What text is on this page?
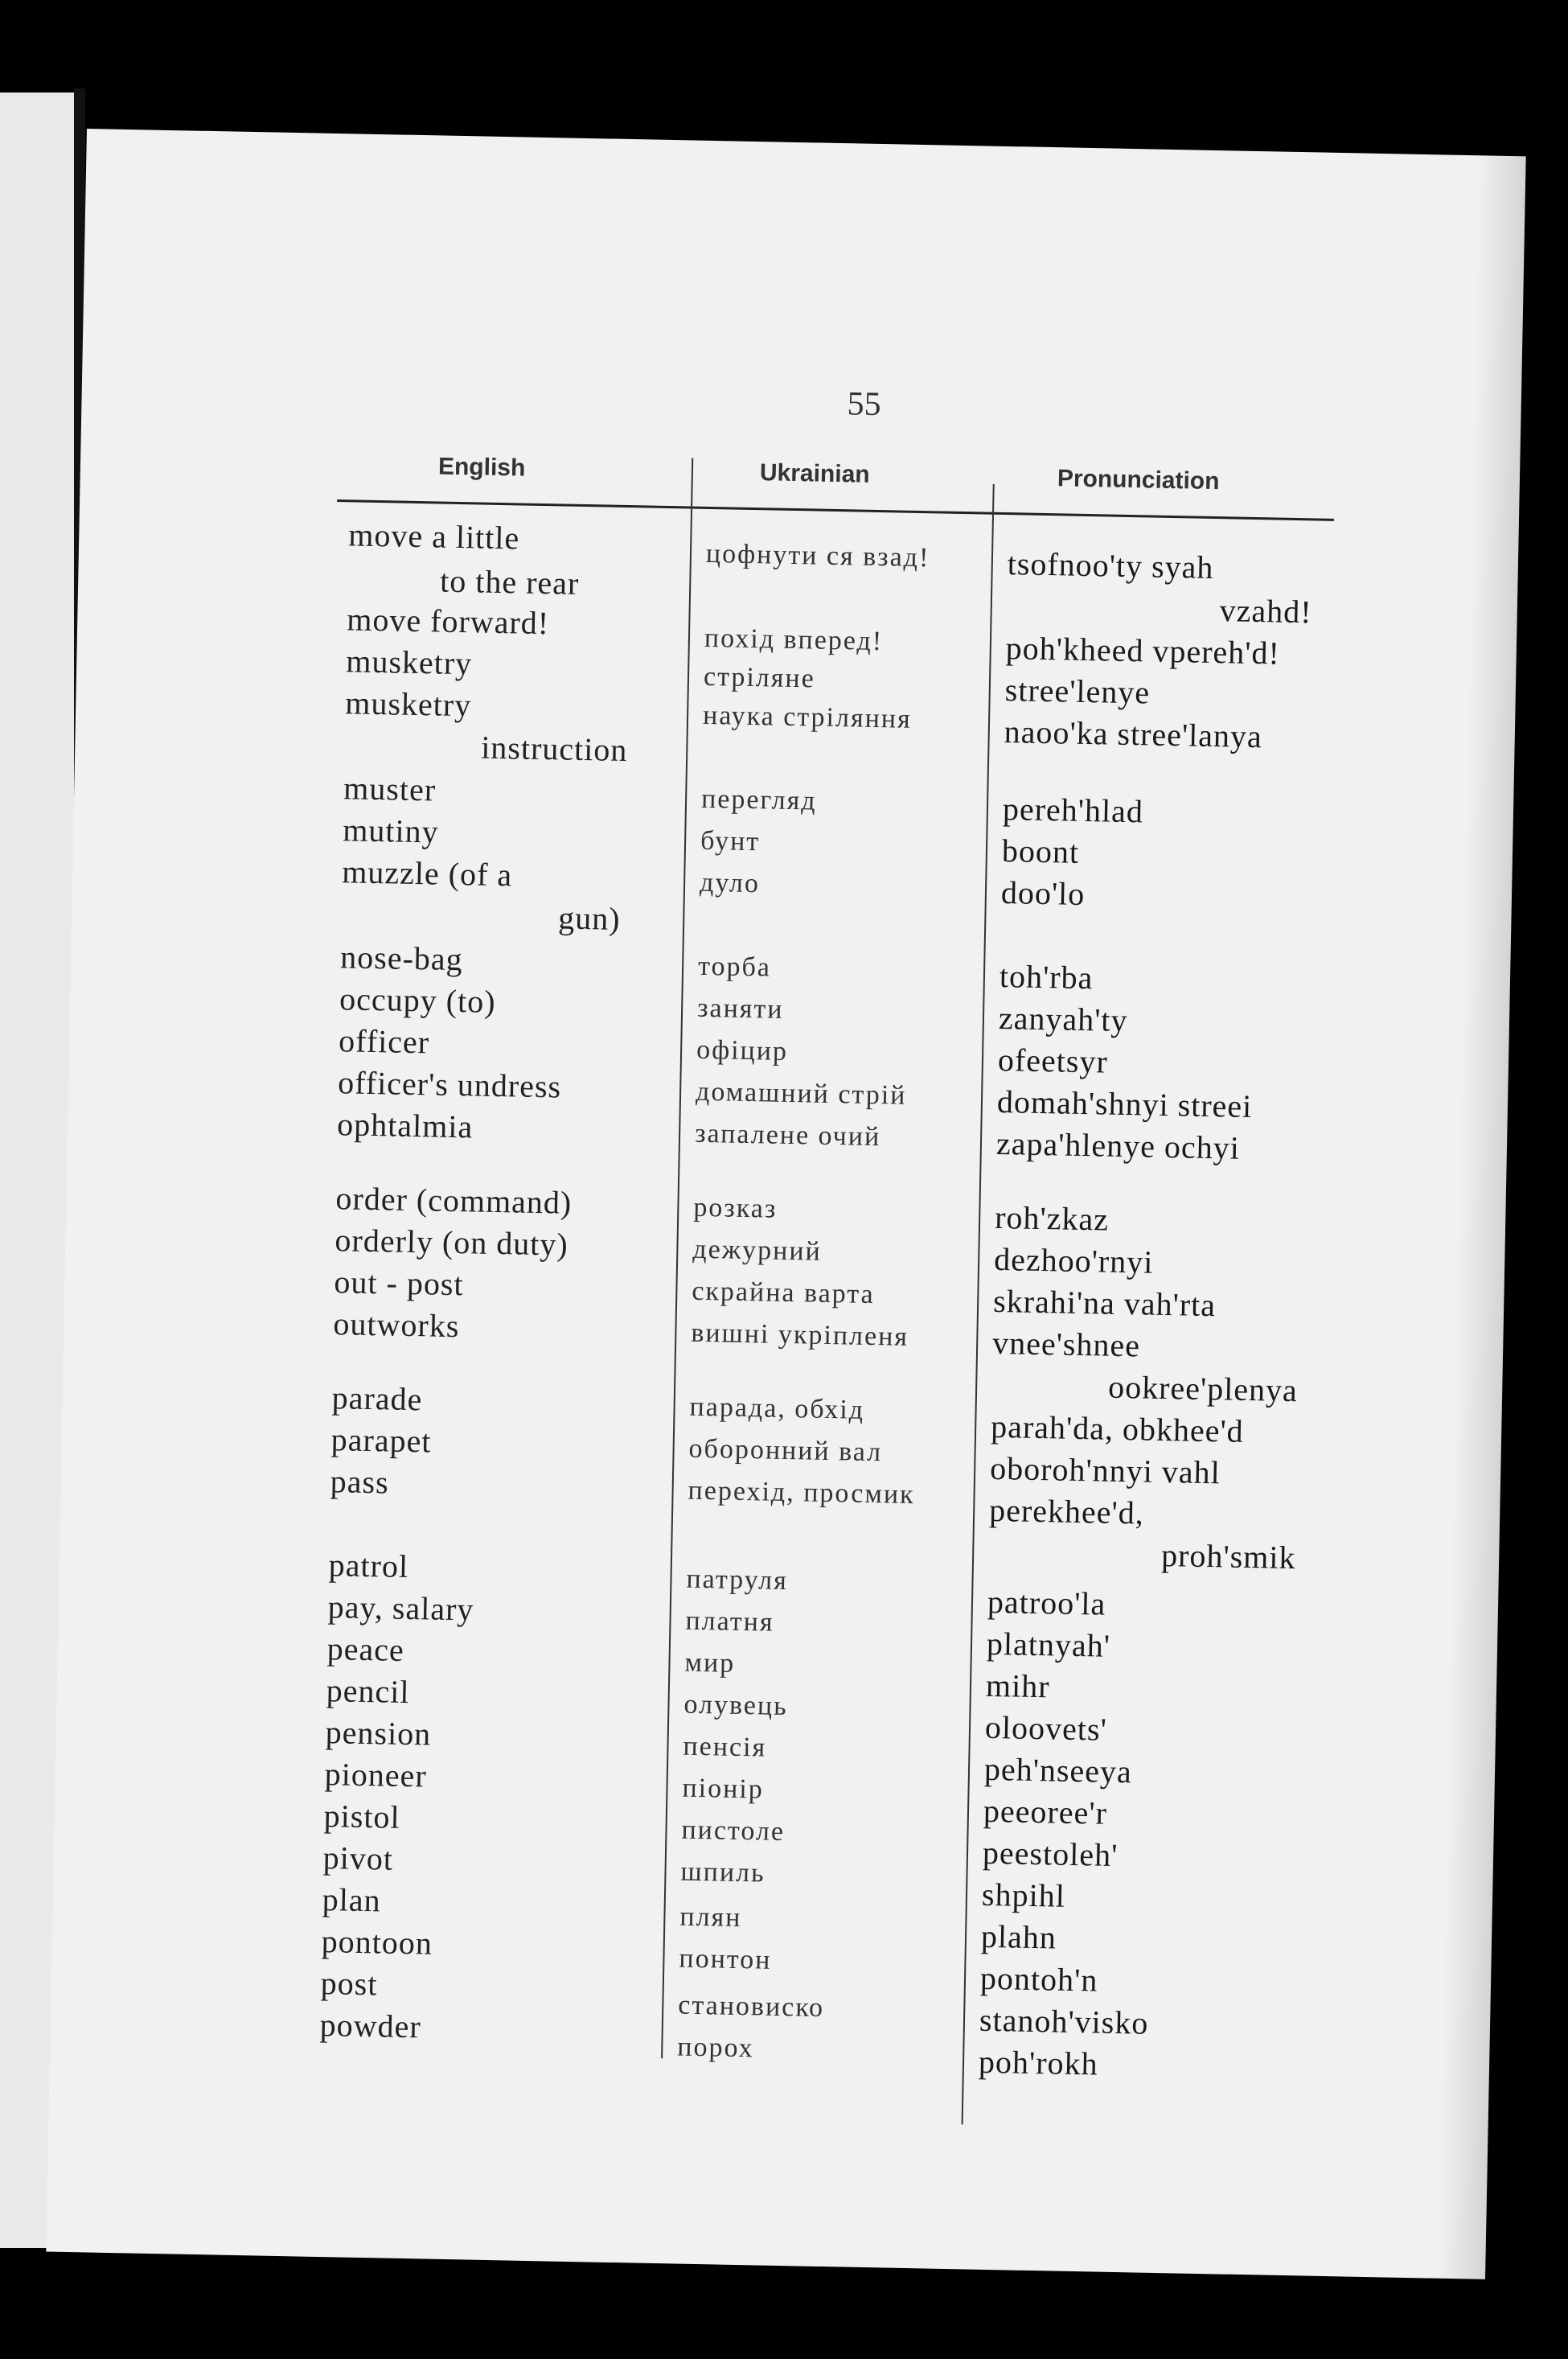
55
English	Ukrainian	Pronunciation
move a little
to the rear
move forward!
musketry
musketry
instruction
muster
mutiny
muzzle (of a
gun)
nose-bag
occupy (to)
officer
officer's undress
ophtalmia
order (command)
orderly (on duty)
out - post
outworks
parade
parapet
pass
patrol
pay, salary
peace
pencil
pension
pioneer
pistol
pivot
plan
pontoon
post
powder
цофнути ся взад!
похід вперед!
стріляне
наука стріляння
перегляд
бунт
дуло
торба
заняти
офіцир
домашний стрій
запалене очий
розказ
дежурний
скрайна варта
вишні укріпленя
парада, обхід
оборонний вал
перехід, просмик
патруля
платня
мир
олувець
пенсія
піонір
пистоле
шпиль
плян
понтон
становиско
порох
tsofnoo'ty syah
vzahd!
poh'kheed vpereh'd!
stree'lenye
naoo'ka stree'lanya
pereh'hlad
boont
doo'lo
toh'rba
zanyah'ty
ofeetsyr
domah'shnyi streei
zapa'hlenye ochyi
roh'zkaz
dezhoo'rnyi
skrahi'na vah'rta
vnee'shnee
ookree'plenya
parah'da, obkhee'd
oboroh'nnyi vahl
perekhee'd,
proh'smik
patroo'la
platnyah'
mihr
oloovets'
peh'nseeya
peeoree'r
peestoleh'
shpihl
plahn
pontoh'n
stanoh'visko
poh'rokh
